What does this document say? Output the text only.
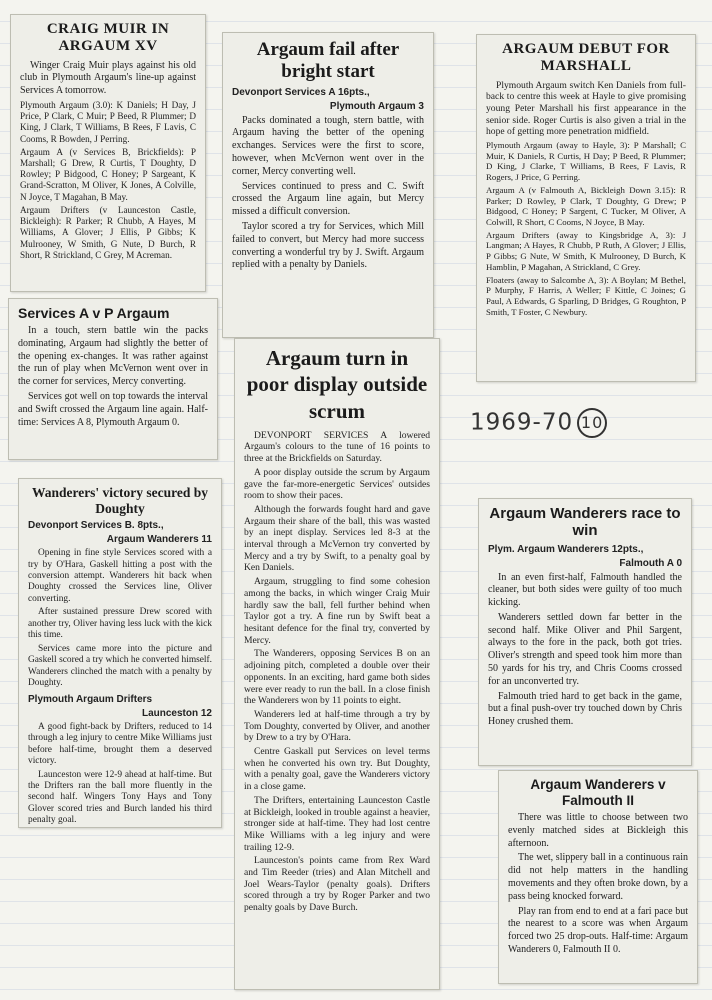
CRAIG MUIR IN ARGAUM XV
Winger Craig Muir plays against his old club in Plymouth Argaum's line-up against Services A tomorrow.
Plymouth Argaum (3.0): K Daniels; H Day, J Price, P Clark, C Muir; P Beed, R Plummer; D King, J Clark, T Williams, B Rees, F Lavis, C Cooms, R Bowden, J Perring.
Argaum A (v Services B, Brickfields): P Marshall; G Drew, R Curtis, T Doughty, D Rowley; P Bidgood, C Honey; P Sargeant, K Grand-Scratton, M Oliver, K Jones, A Colville, N Joyce, T Magahan, B May.
Argaum Drifters (v Launceston Castle, Bickleigh): R Parker; R Chubb, A Hayes, M Williams, A Glover; J Ellis, P Gibbs; K Mulrooney, W Smith, G Nute, D Burch, R Short, R Strickland, C Grey, M Acreman.
Services A v P Argaum
In a touch, stern battle win the packs dominating, Argaum had slightly the better of the opening ex-changes. It was rather against the run of play when McVernon went over in the corner for services, Mercy converting.
Services got well on top towards the interval and Swift crossed the Argaum line again. Half-time: Services A 8, Plymouth Argaum 0.
Wanderers' victory secured by Doughty
Devonport Services B. 8pts.,
Argaum Wanderers 11
Opening in fine style Services scored with a try by O'Hara, Gaskell hitting a post with the conversion attempt. Wanderers hit back when Doughty crossed the Services line, Oliver converting.
After sustained pressure Drew scored with another try, Oliver having less luck with the kick this time.
Services came more into the picture and Gaskell scored a try which he converted himself. Wanderers clinched the match with a penalty by Doughty.
Plymouth Argaum Drifters
Launceston 12
A good fight-back by Drifters, reduced to 14 through a leg injury to centre Mike Williams just before half-time, brought them a deserved victory.
Launceston were 12-9 ahead at half-time. But the Drifters ran the ball more fluently in the second half. Wingers Tony Hays and Tony Glover scored tries and Burch landed his third penalty goal.
Argaum fail after bright start
Devonport Services A 16pts.,
Plymouth Argaum 3
Packs dominated a tough, stern battle, with Argaum having the better of the opening exchanges. Services were the first to score, however, when McVernon went over in the corner, Mercy converting well.
Services continued to press and C. Swift crossed the Argaum line again, but Mercy missed a difficult conversion.
Taylor scored a try for Services, which Mill failed to convert, but Mercy had more success converting a wonderful try by J. Swift. Argaum replied with a penalty by Daniels.
Argaum turn in poor display outside scrum
DEVONPORT SERVICES A lowered Argaum's colours to the tune of 16 points to three at the Brickfields on Saturday.
A poor display outside the scrum by Argaum gave the far-more-energetic Services' outsides room to show their paces.
Although the forwards fought hard and gave Argaum their share of the ball, this was wasted by an inept display. Services led 8-3 at the interval through a McVernon try converted by Mercy and a try by Swift, to a penalty goal by Ken Daniels.
Argaum, struggling to find some cohesion among the backs, in which winger Craig Muir hardly saw the ball, fell further behind when Taylor got a try. A fine run by Swift beat a hesitant defence for the final try, converted by Mercy.
The Wanderers, opposing Services B on an adjoining pitch, completed a double over their opponents. In an exciting, hard game both sides were ever ready to run the ball. In a close finish the Wanderers won by 11 points to eight.
Wanderers led at half-time through a try by Tom Doughty, converted by Oliver, and another by Drew to a try by O'Hara.
Centre Gaskall put Services on level terms when he converted his own try. But Doughty, with a penalty goal, gave the Wanderers victory in a close game.
The Drifters, entertaining Launceston Castle at Bickleigh, looked in trouble against a heavier, stronger side at half-time. They had lost centre Mike Williams with a leg injury and were trailing 12-9.
Launceston's points came from Rex Ward and Tim Reeder (tries) and Alan Mitchell and Joel Wears-Taylor (penalty goals). Drifters scored through a try by Roger Parker and two penalty goals by Dave Burch.
ARGAUM DEBUT FOR MARSHALL
Plymouth Argaum switch Ken Daniels from full-back to centre this week at Hayle to give promising young Peter Marshall his first appearance in the senior side. Roger Curtis is also given a trial in the hope of getting more penetration midfield.
Plymouth Argaum (away to Hayle, 3): P Marshall; C Muir, K Daniels, R Curtis, H Day; P Beed, R Plummer; D King, J Clarke, T Williams, B Rees, F Lavis, R Rogers, J Price, G Perring.
Argaum A (v Falmouth A, Bickleigh Down 3.15): R Parker; D Rowley, P Clark, T Doughty, G Drew; P Bidgood, C Honey; P Sargent, C Tucker, M Oliver, A Colwill, R Short, C Cooms, N Joyce, B May.
Argaum Drifters (away to Kingsbridge A, 3): J Langman; A Hayes, R Chubb, P Ruth, A Glover; J Ellis, P Gibbs; G Nute, W Smith, K Mulrooney, D Burch, K Hamblin, P Magahan, A Strickland, C Grey.
Floaters (away to Salcombe A, 3): A Boylan; M Bethel, P Murphy, F Harris, A Weller; F Kittle, C Joines; G Paul, A Edwards, G Sparling, D Bridges, G Roughton, P Smith, T Foster, C Newbury.
1969-70 10
Argaum Wanderers race to win
Plym. Argaum Wanderers 12pts.,
Falmouth A 0
In an even first-half, Falmouth handled the cleaner, but both sides were guilty of too much kicking.
Wanderers settled down far better in the second half. Mike Oliver and Phil Sargent, always to the fore in the pack, both got tries. Oliver's strength and speed took him more than 50 yards for his try, and Chris Cooms crossed for an unconverted try.
Falmouth tried hard to get back in the game, but a final push-over try touched down by Chris Honey crushed them.
Argaum Wanderers v Falmouth II
There was little to choose between two evenly matched sides at Bickleigh this afternoon.
The wet, slippery ball in a continuous rain did not help matters in the handling movements and they often broke down, by a pass being knocked forward.
Play ran from end to end at a fari pace but the nearest to a score was when Argaum forced two 25 drop-outs. Half-time: Argaum Wanderers 0, Falmouth II 0.
